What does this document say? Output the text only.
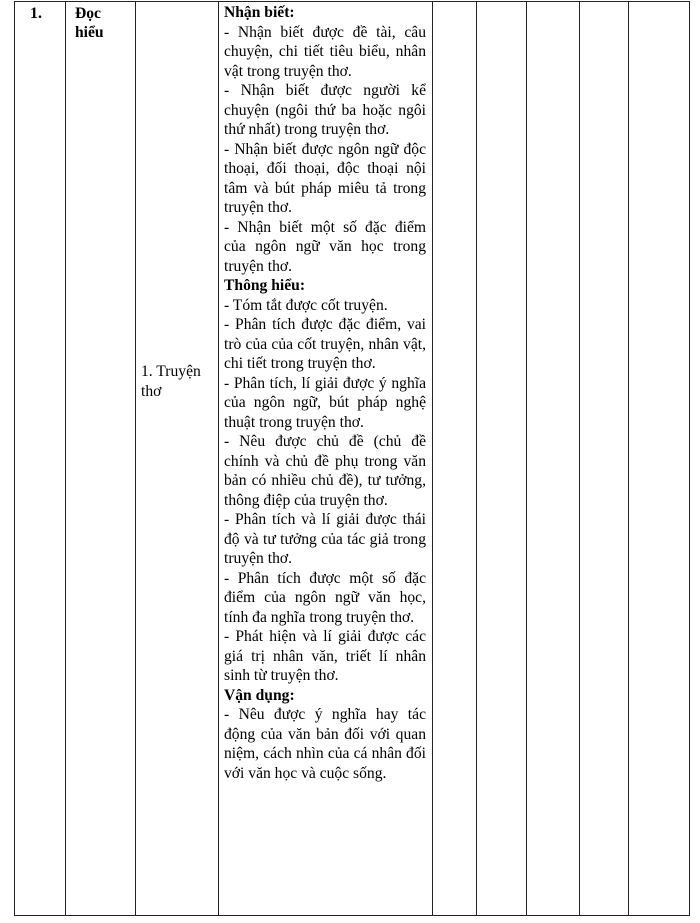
1.	Đọc hiểu
1. Truyện thơ

Nhận biết:

- Nhận biết được đề tài, câu chuyện, chi tiết tiêu biểu, nhân vật trong truyện thơ.

- Nhận biết được người kể chuyện (ngôi thứ ba hoặc ngôi thứ nhất) trong truyện thơ.

- Nhận biết được ngôn ngữ độc thoại, đối thoại, độc thoại nội tâm và bút pháp miêu tả trong truyện thơ.

- Nhận biết một số đặc điểm của ngôn ngữ văn học trong truyện thơ.

Thông hiểu:

- Tóm tắt được cốt truyện.

- Phân tích được đặc điểm, vai trò của của cốt truyện, nhân vật, chi tiết trong truyện thơ.

- Phân tích, lí giải được ý nghĩa của ngôn ngữ, bút pháp nghệ thuật trong truyện thơ.

- Nêu được chủ đề (chủ đề chính và chủ đề phụ trong văn bản có nhiều chủ đề), tư tưởng, thông điệp của truyện thơ.

- Phân tích và lí giải được thái độ và tư tưởng của tác giả trong truyện thơ.

- Phân tích được một số đặc điểm của ngôn ngữ văn học, tính đa nghĩa trong truyện thơ.

- Phát hiện và lí giải được các giá trị nhân văn, triết lí nhân sinh từ truyện thơ.

Vận dụng:

- Nêu được ý nghĩa hay tác động của văn bản đối với quan niệm, cách nhìn của cá nhân đối với văn học và cuộc sống.
